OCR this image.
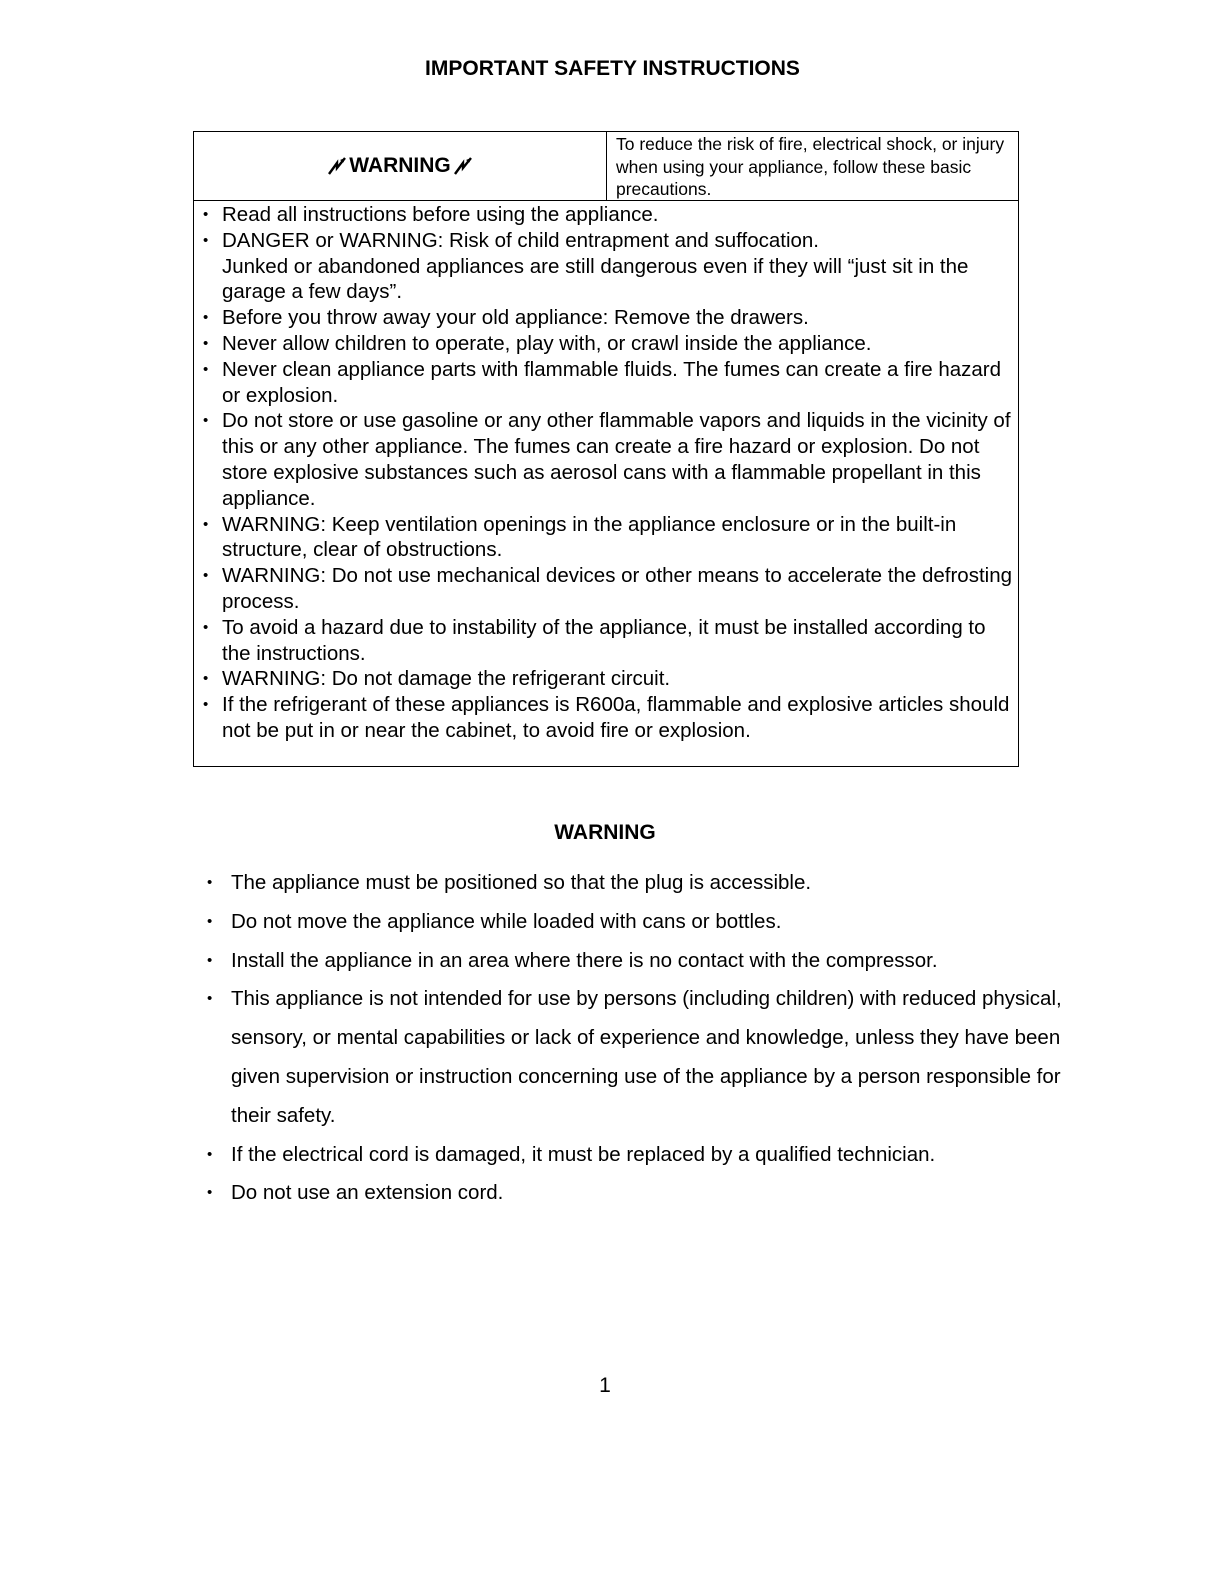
IMPORTANT SAFETY INSTRUCTIONS
WARNING
To reduce the risk of fire, electrical shock, or injury when using your appliance, follow these basic precautions.
• Read all instructions before using the appliance.
• DANGER or WARNING: Risk of child entrapment and suffocation.
Junked or abandoned appliances are still dangerous even if they will “just sit in the garage a few days”.
• Before you throw away your old appliance: Remove the drawers.
• Never allow children to operate, play with, or crawl inside the appliance.
• Never clean appliance parts with flammable fluids. The fumes can create a fire hazard or explosion.
• Do not store or use gasoline or any other flammable vapors and liquids in the vicinity of this or any other appliance. The fumes can create a fire hazard or explosion. Do not store explosive substances such as aerosol cans with a flammable propellant in this appliance.
• WARNING: Keep ventilation openings in the appliance enclosure or in the built-in structure, clear of obstructions.
• WARNING: Do not use mechanical devices or other means to accelerate the defrosting process.
• To avoid a hazard due to instability of the appliance, it must be installed according to the instructions.
• WARNING: Do not damage the refrigerant circuit.
• If the refrigerant of these appliances is R600a, flammable and explosive articles should not be put in or near the cabinet, to avoid fire or explosion.
WARNING
• The appliance must be positioned so that the plug is accessible.
• Do not move the appliance while loaded with cans or bottles.
• Install the appliance in an area where there is no contact with the compressor.
• This appliance is not intended for use by persons (including children) with reduced physical, sensory, or mental capabilities or lack of experience and knowledge, unless they have been given supervision or instruction concerning use of the appliance by a person responsible for their safety.
• If the electrical cord is damaged, it must be replaced by a qualified technician.
• Do not use an extension cord.
1
